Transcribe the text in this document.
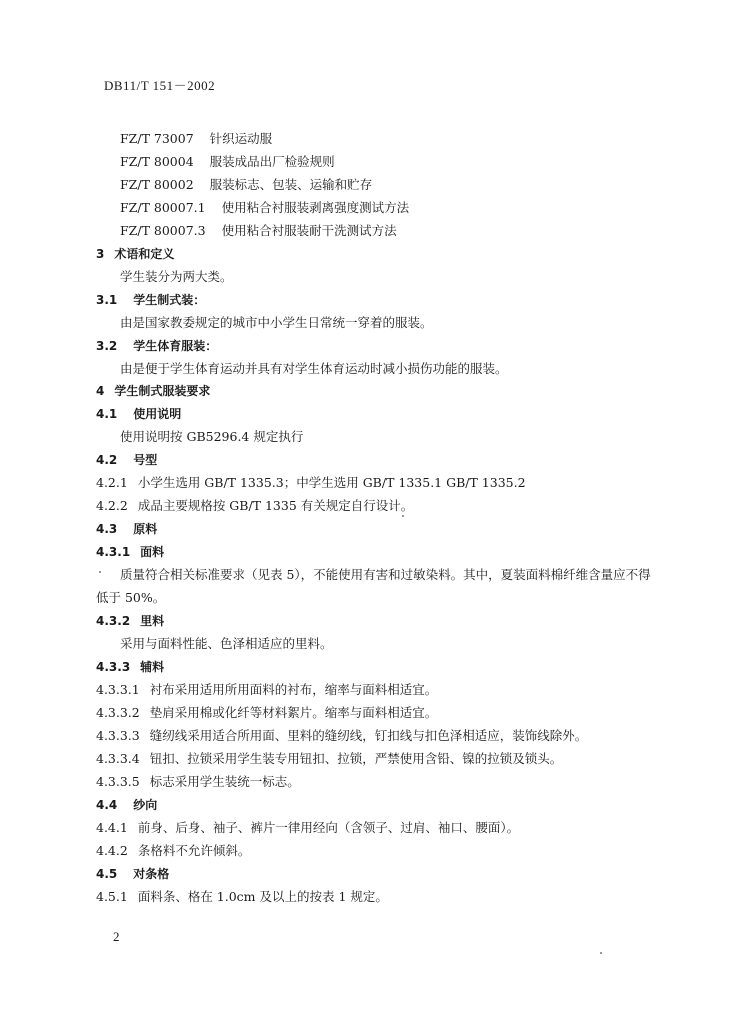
DB11/T 151－2002
FZ/T 73007 针织运动服
FZ/T 80004 服装成品出厂检验规则
FZ/T 80002 服装标志、包装、运输和贮存
FZ/T 80007.1 使用粘合衬服装剥离强度测试方法
FZ/T 80007.3 使用粘合衬服装耐干洗测试方法
3 术语和定义
学生装分为两大类。
3.1 学生制式装：
由是国家教委规定的城市中小学生日常统一穿着的服装。
3.2 学生体育服装：
由是便于学生体育运动并具有对学生体育运动时减小损伤功能的服装。
4 学生制式服装要求
4.1 使用说明
使用说明按 GB5296.4 规定执行
4.2 号型
4.2.1 小学生选用 GB/T 1335.3；中学生选用 GB/T 1335.1 GB/T 1335.2
4.2.2 成品主要规格按 GB/T 1335 有关规定自行设计。
4.3 原料
4.3.1 面料
质量符合相关标准要求（见表 5），不能使用有害和过敏染料。其中，夏装面料棉纤维含量应不得
低于 50%。
4.3.2 里料
采用与面料性能、色泽相适应的里料。
4.3.3 辅料
4.3.3.1 衬布采用适用所用面料的衬布，缩率与面料相适宜。
4.3.3.2 垫肩采用棉或化纤等材料絮片。缩率与面料相适宜。
4.3.3.3 缝纫线采用适合所用面、里料的缝纫线，钉扣线与扣色泽相适应，装饰线除外。
4.3.3.4 钮扣、拉锁采用学生装专用钮扣、拉锁，严禁使用含铅、镍的拉锁及锁头。
4.3.3.5 标志采用学生装统一标志。
4.4 纱向
4.4.1 前身、后身、袖子、裤片一律用经向（含领子、过肩、袖口、腰面）。
4.4.2 条格料不允许倾斜。
4.5 对条格
4.5.1 面料条、格在 1.0cm 及以上的按表 1 规定。
2
